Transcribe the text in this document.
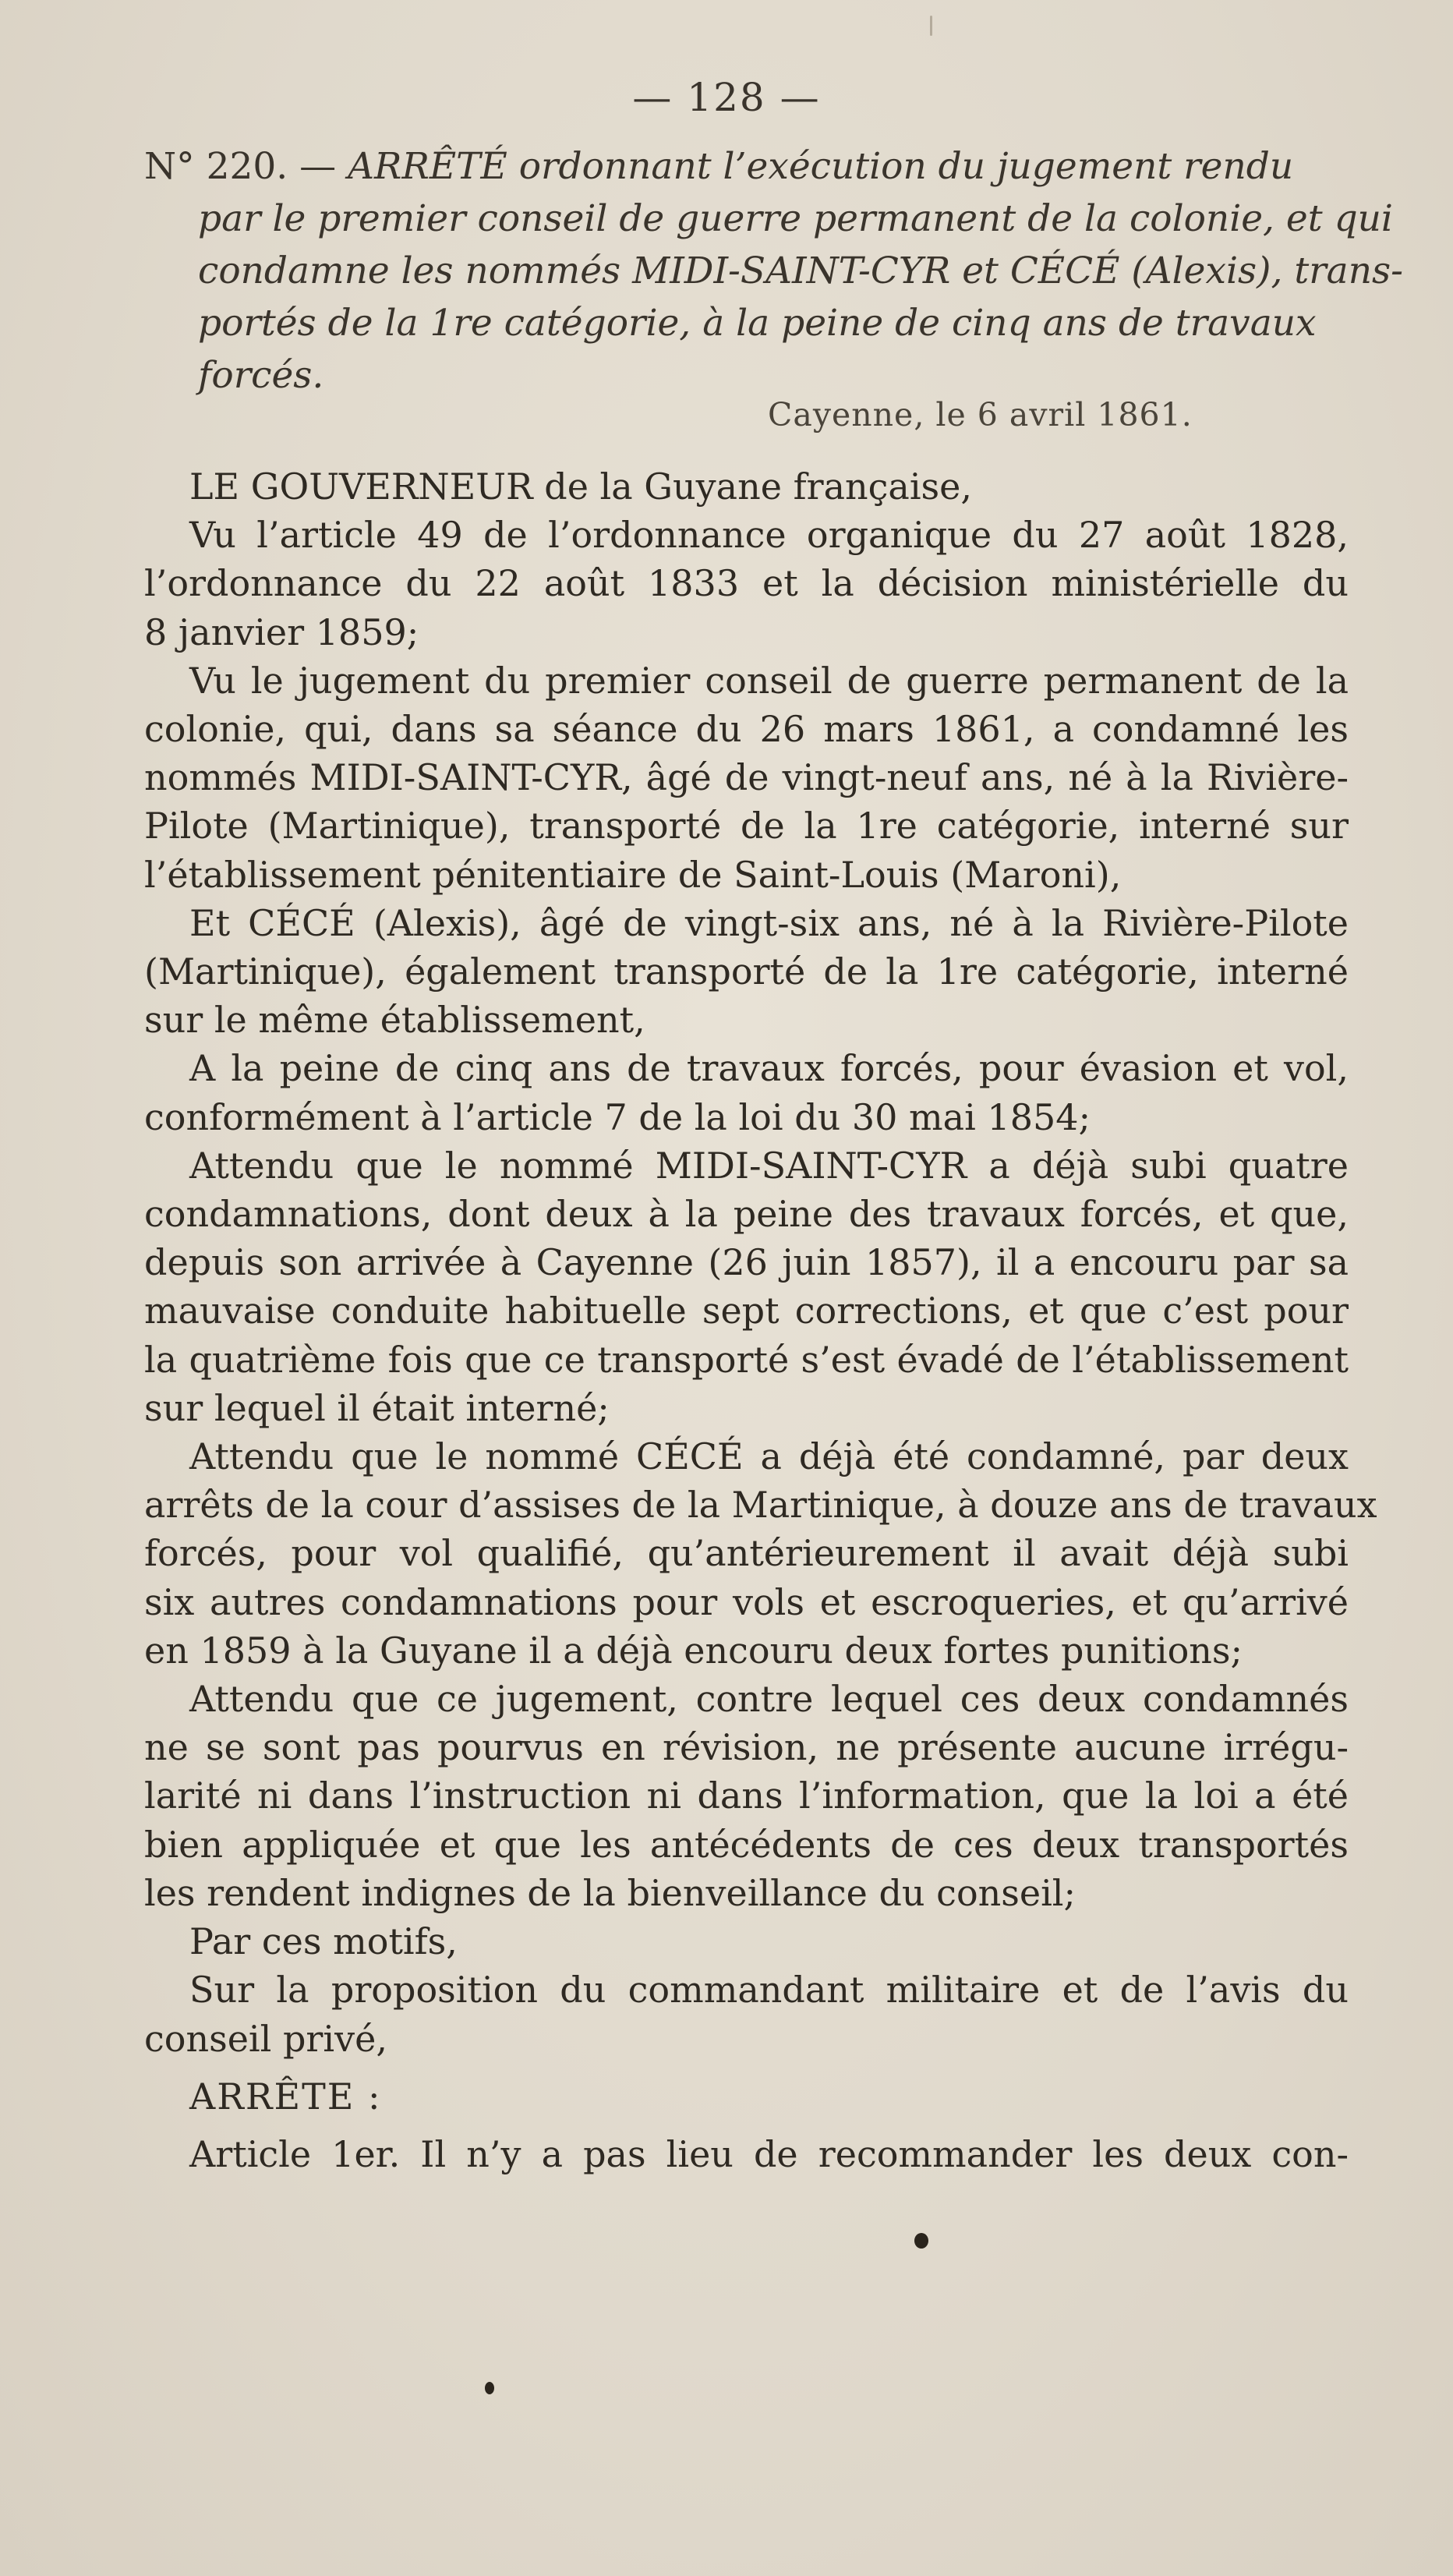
— 128 —
N° 220. — ARRÊTÉ ordonnant l’exécution du jugement rendu
par le premier conseil de guerre permanent de la colonie, et qui
condamne les nommés MIDI-SAINT-CYR et CÉCÉ (Alexis), trans-
portés de la 1re catégorie, à la peine de cinq ans de travaux
forcés.
Cayenne, le 6 avril 1861.
LE GOUVERNEUR de la Guyane française,
Vu l’article 49 de l’ordonnance organique du 27 août 1828,
l’ordonnance du 22 août 1833 et la décision ministérielle du
8 janvier 1859;
Vu le jugement du premier conseil de guerre permanent de la
colonie, qui, dans sa séance du 26 mars 1861, a condamné les
nommés MIDI-SAINT-CYR, âgé de vingt-neuf ans, né à la Rivière-
Pilote (Martinique), transporté de la 1re catégorie, interné sur
l’établissement pénitentiaire de Saint-Louis (Maroni),
Et CÉCÉ (Alexis), âgé de vingt-six ans, né à la Rivière-Pilote
(Martinique), également transporté de la 1re catégorie, interné
sur le même établissement,
A la peine de cinq ans de travaux forcés, pour évasion et vol,
conformément à l’article 7 de la loi du 30 mai 1854;
Attendu que le nommé MIDI-SAINT-CYR a déjà subi quatre
condamnations, dont deux à la peine des travaux forcés, et que,
depuis son arrivée à Cayenne (26 juin 1857), il a encouru par sa
mauvaise conduite habituelle sept corrections, et que c’est pour
la quatrième fois que ce transporté s’est évadé de l’établissement
sur lequel il était interné;
Attendu que le nommé CÉCÉ a déjà été condamné, par deux
arrêts de la cour d’assises de la Martinique, à douze ans de travaux
forcés, pour vol qualifié, qu’antérieurement il avait déjà subi
six autres condamnations pour vols et escroqueries, et qu’arrivé
en 1859 à la Guyane il a déjà encouru deux fortes punitions;
Attendu que ce jugement, contre lequel ces deux condamnés
ne se sont pas pourvus en révision, ne présente aucune irrégu-
larité ni dans l’instruction ni dans l’information, que la loi a été
bien appliquée et que les antécédents de ces deux transportés
les rendent indignes de la bienveillance du conseil;
Par ces motifs,
Sur la proposition du commandant militaire et de l’avis du
conseil privé,
ARRÊTE :
Article 1er. Il n’y a pas lieu de recommander les deux con-
